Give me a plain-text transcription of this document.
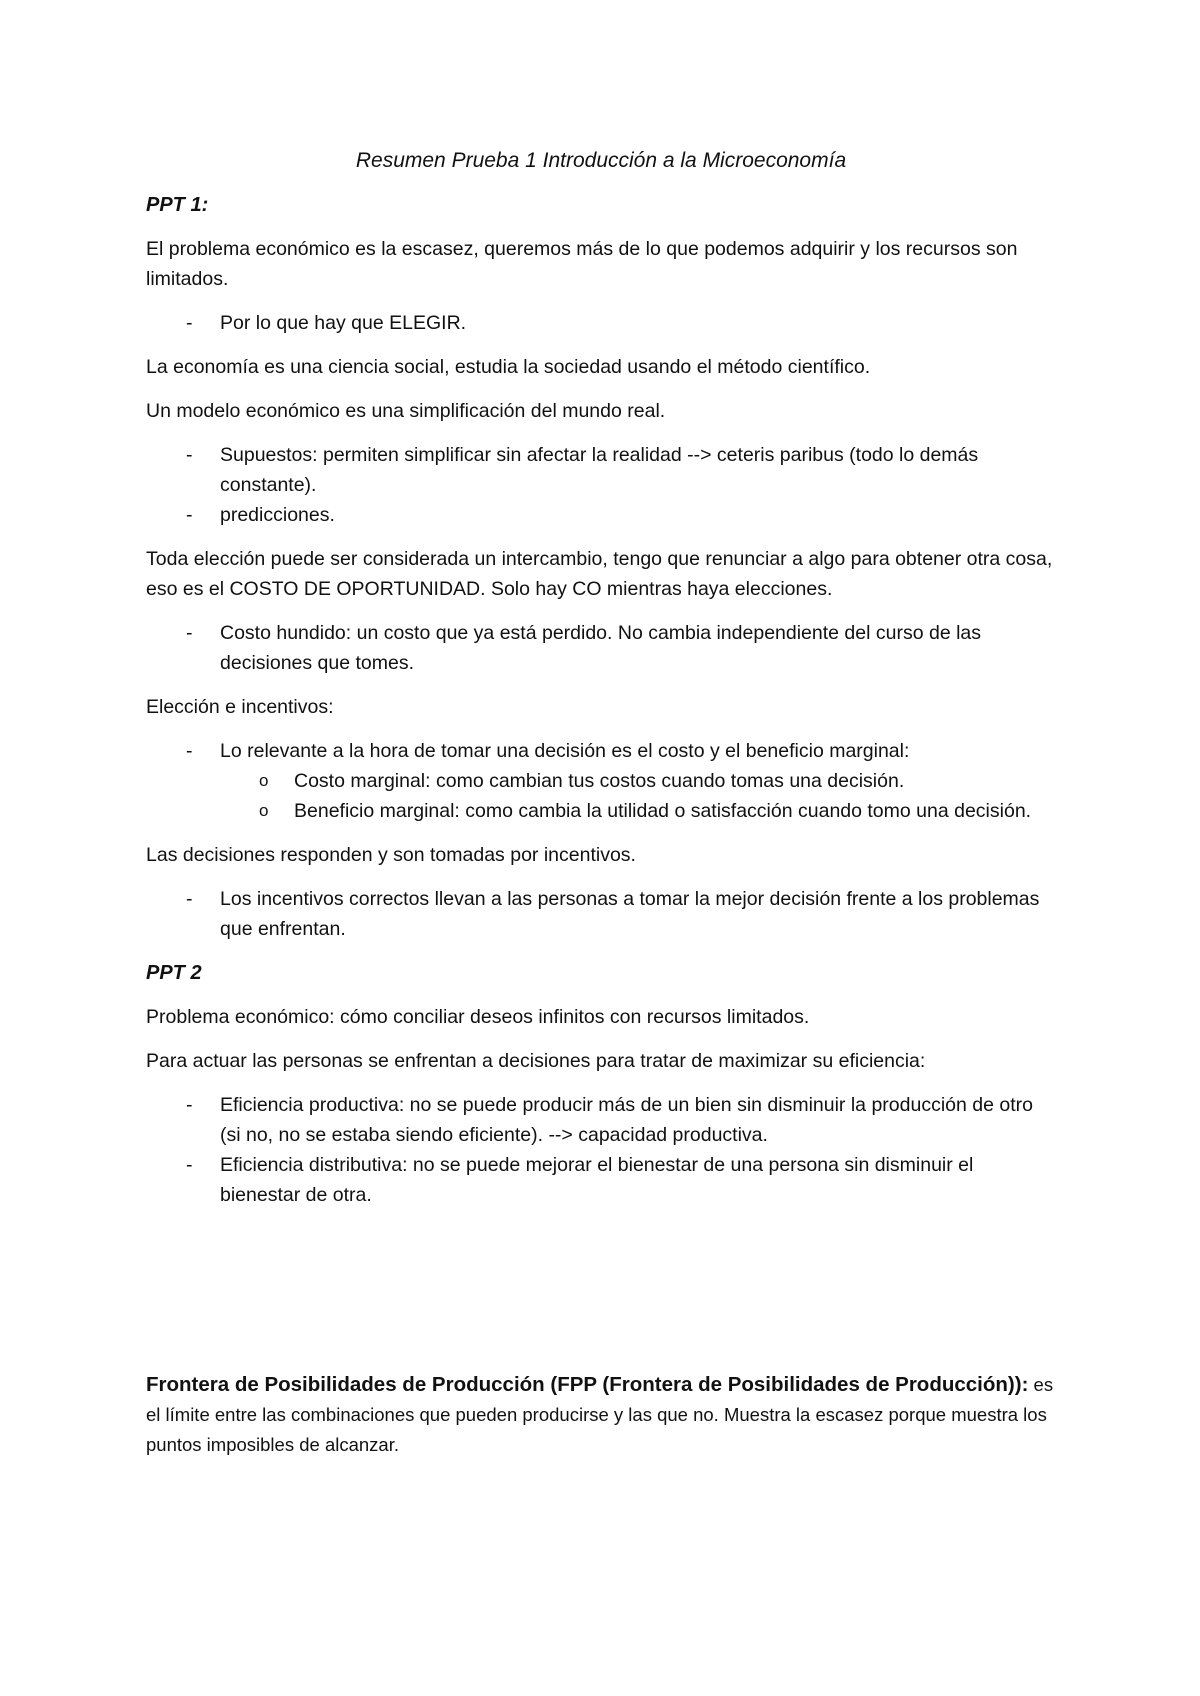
Resumen Prueba 1 Introducción a la Microeconomía
PPT 1:

El problema económico es la escasez, queremos más de lo que podemos adquirir y los recursos son limitados.

- Por lo que hay que ELEGIR.

La economía es una ciencia social, estudia la sociedad usando el método científico.

Un modelo económico es una simplificación del mundo real.

- Supuestos: permiten simplificar sin afectar la realidad --> ceteris paribus (todo lo demás constante).
- predicciones.

Toda elección puede ser considerada un intercambio, tengo que renunciar a algo para obtener otra cosa, eso es el COSTO DE OPORTUNIDAD. Solo hay CO mientras haya elecciones.

- Costo hundido: un costo que ya está perdido. No cambia independiente del curso de las decisiones que tomes.

Elección e incentivos:

- Lo relevante a la hora de tomar una decisión es el costo y el beneficio marginal:
o Costo marginal: como cambian tus costos cuando tomas una decisión.
o Beneficio marginal: como cambia la utilidad o satisfacción cuando tomo una decisión.

Las decisiones responden y son tomadas por incentivos.

- Los incentivos correctos llevan a las personas a tomar la mejor decisión frente a los problemas que enfrentan.
PPT 2

Problema económico: cómo conciliar deseos infinitos con recursos limitados.

Para actuar las personas se enfrentan a decisiones para tratar de maximizar su eficiencia:

- Eficiencia productiva: no se puede producir más de un bien sin disminuir la producción de otro (si no, no se estaba siendo eficiente). --> capacidad productiva.
- Eficiencia distributiva: no se puede mejorar el bienestar de una persona sin disminuir el bienestar de otra.

Frontera de Posibilidades de Producción (FPP (Frontera de Posibilidades de Producción)): es el límite entre las combinaciones que pueden producirse y las que no. Muestra la escasez porque muestra los puntos imposibles de alcanzar.
